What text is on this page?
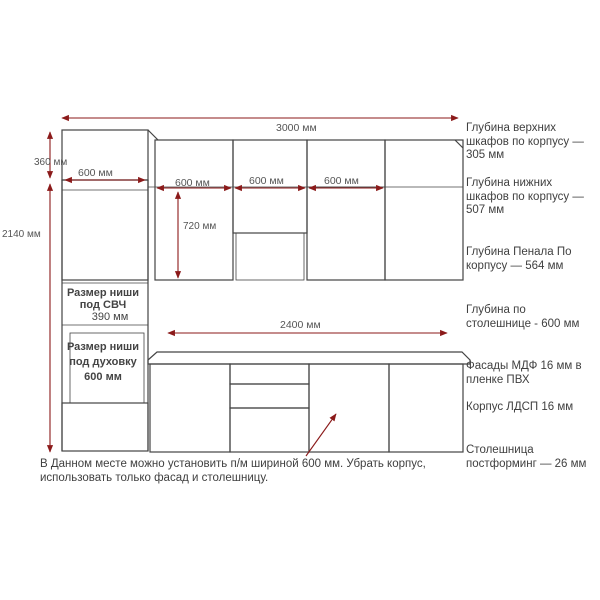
3000 мм
360 мм
2140 мм
600 мм
600 мм	600 мм	600 мм
720 мм
2400 мм
Размер ниши
под СВЧ
390 мм
Размер ниши
под духовку
600 мм
Глубина верхних шкафов по корпусу — 305 мм
Глубина нижних шкафов по корпусу — 507 мм
Глубина Пенала По корпусу — 564 мм
Глубина по столешнице - 600 мм
Фасады МДФ 16 мм в пленке ПВХ
Корпус ЛДСП 16 мм
Столешница постформинг — 26 мм
В Данном месте можно установить п/м шириной 600 мм. Убрать корпус, использовать только фасад и столешницу.
